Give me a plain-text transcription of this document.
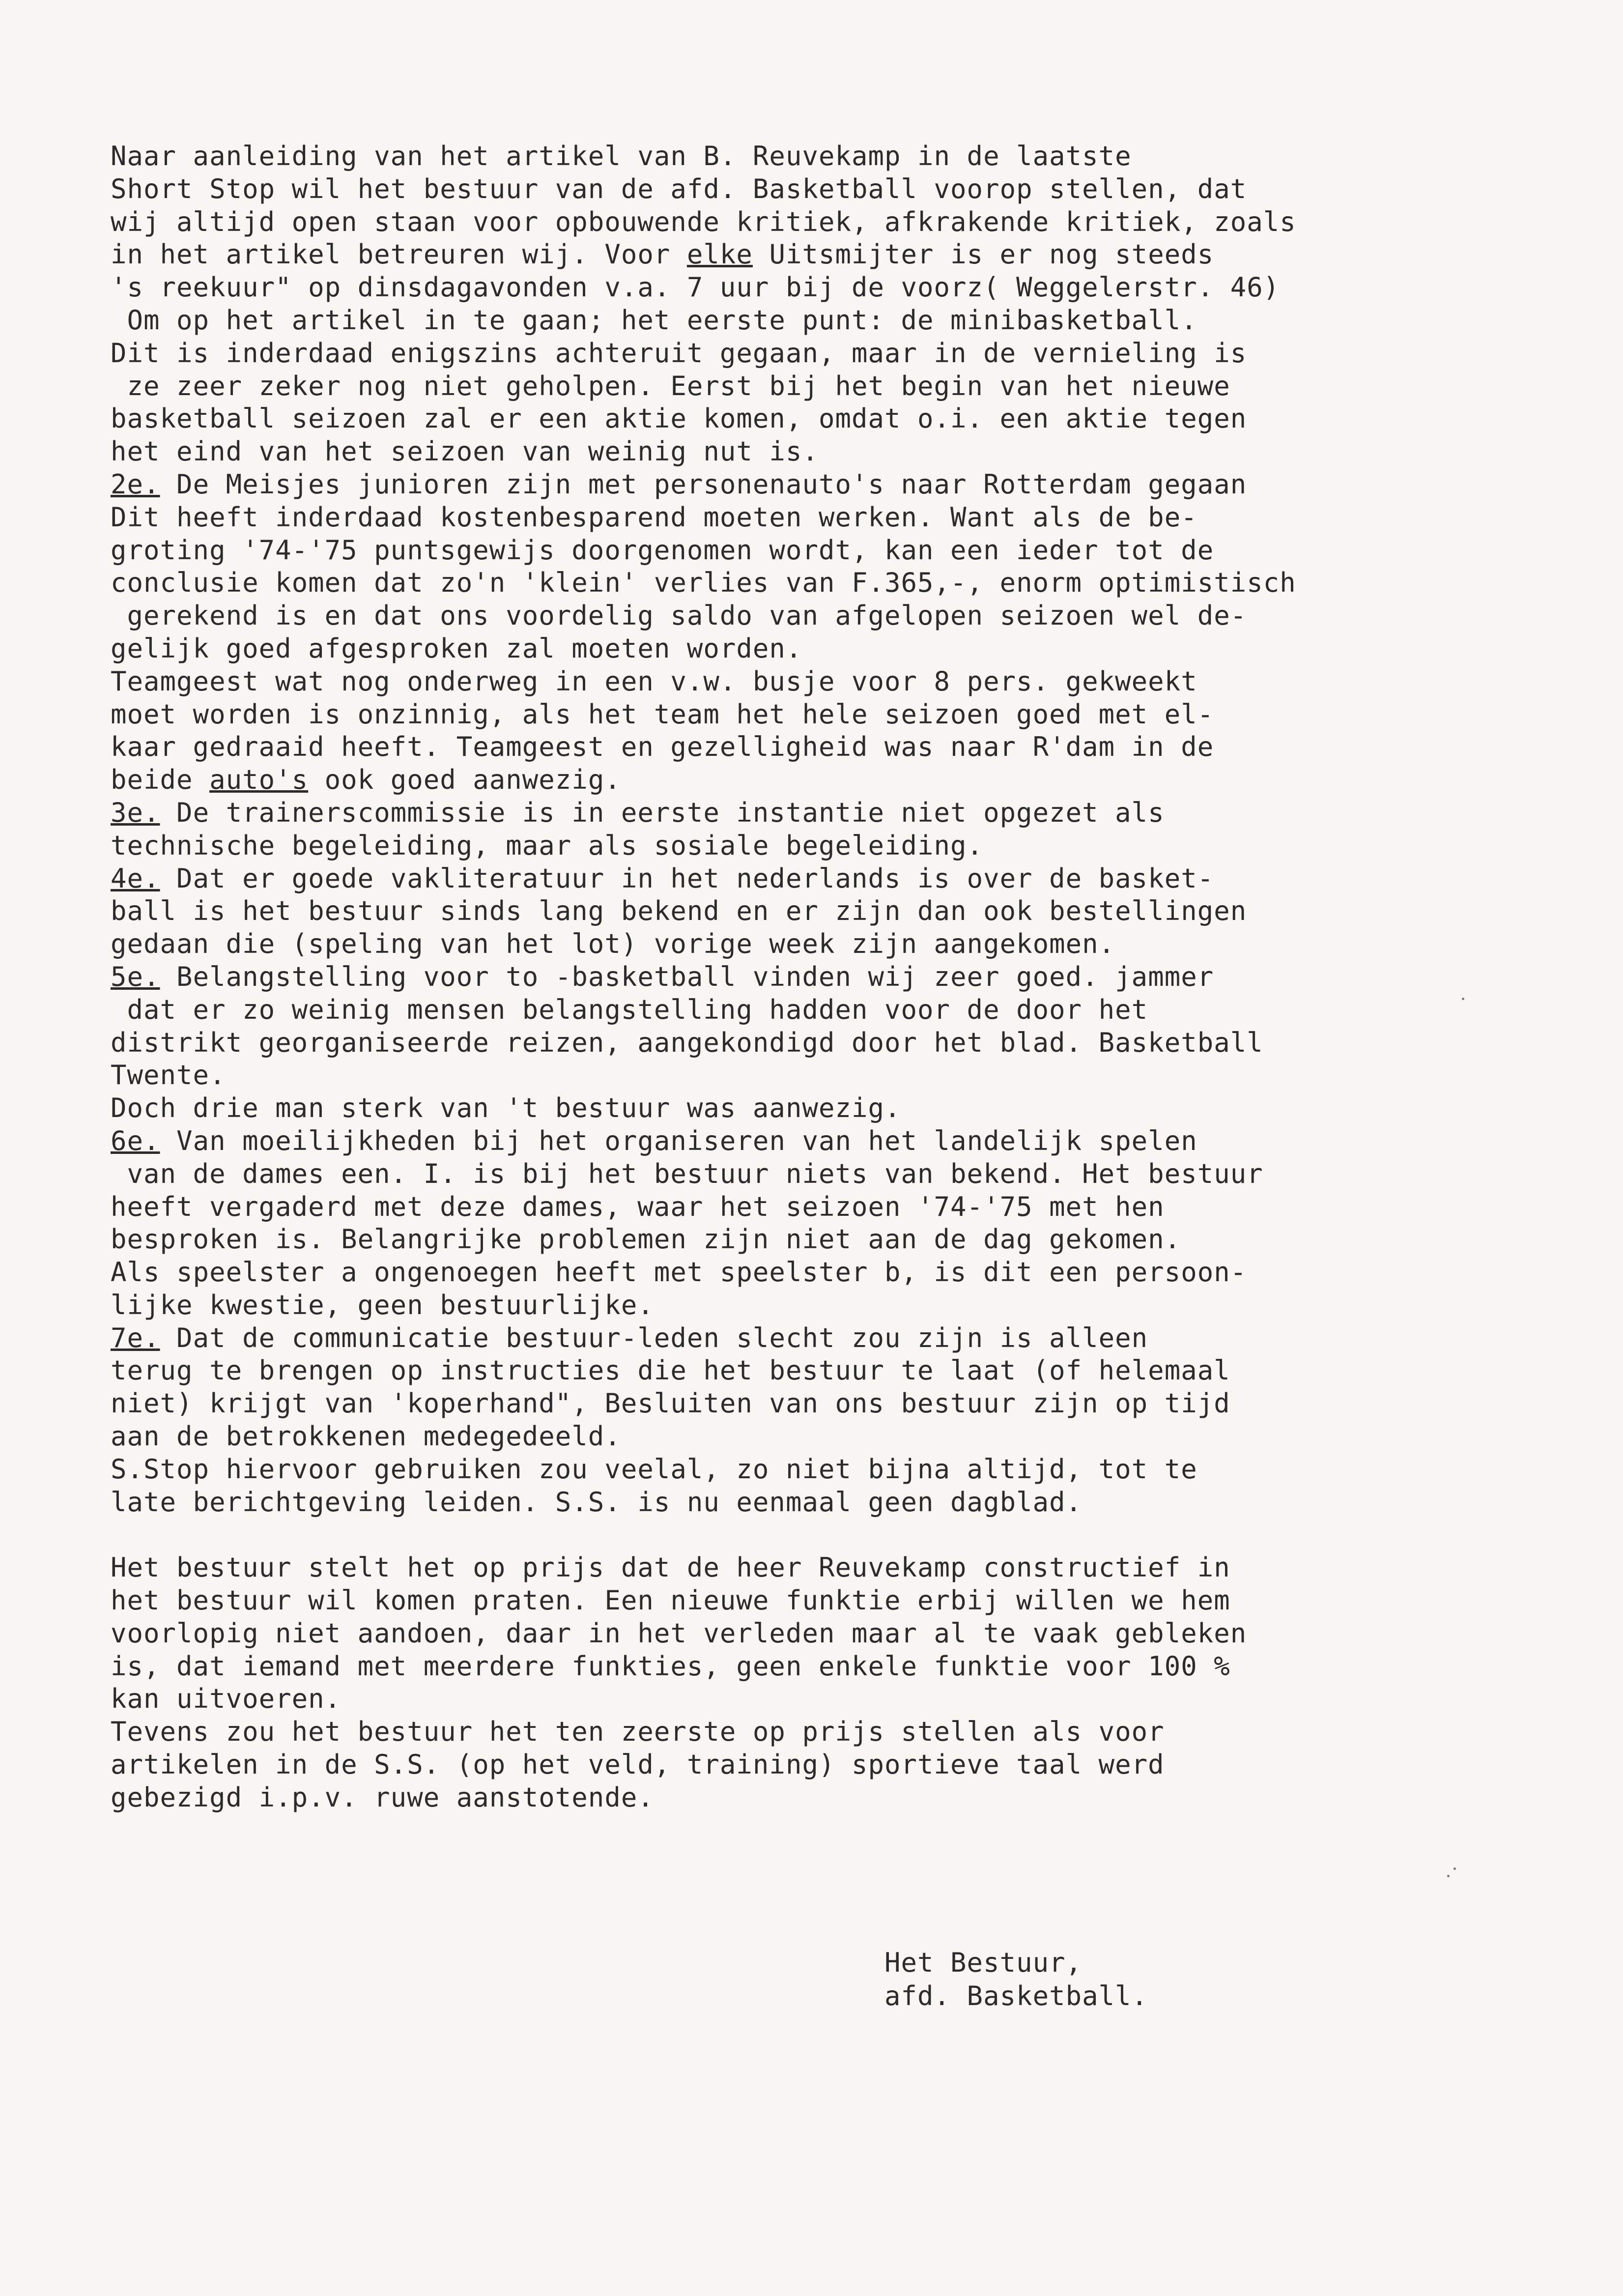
Naar aanleiding van het artikel van B. Reuvekamp in de laatste
Short Stop wil het bestuur van de afd. Basketball voorop stellen, dat
wij altijd open staan voor opbouwende kritiek, afkrakende kritiek, zoals
in het artikel betreuren wij. Voor elke Uitsmijter is er nog steeds
's reekuur" op dinsdagavonden v.a. 7 uur bij de voorz( Weggelerstr. 46)
Om op het artikel in te gaan; het eerste punt: de minibasketball.
Dit is inderdaad enigszins achteruit gegaan, maar in de vernieling is
ze zeer zeker nog niet geholpen. Eerst bij het begin van het nieuwe
basketball seizoen zal er een aktie komen, omdat o.i. een aktie tegen
het eind van het seizoen van weinig nut is.
2e. De Meisjes junioren zijn met personenauto's naar Rotterdam gegaan
Dit heeft inderdaad kostenbesparend moeten werken. Want als de be-
groting '74-'75 puntsgewijs doorgenomen wordt, kan een ieder tot de
conclusie komen dat zo'n 'klein' verlies van F.365,-, enorm optimistisch
gerekend is en dat ons voordelig saldo van afgelopen seizoen wel de-
gelijk goed afgesproken zal moeten worden.
Teamgeest wat nog onderweg in een v.w. busje voor 8 pers. gekweekt
moet worden is onzinnig, als het team het hele seizoen goed met el-
kaar gedraaid heeft. Teamgeest en gezelligheid was naar R'dam in de
beide auto's ook goed aanwezig.
3e. De trainerscommissie is in eerste instantie niet opgezet als
technische begeleiding, maar als sosiale begeleiding.
4e. Dat er goede vakliteratuur in het nederlands is over de basket-
ball is het bestuur sinds lang bekend en er zijn dan ook bestellingen
gedaan die (speling van het lot) vorige week zijn aangekomen.
5e. Belangstelling voor to -basketball vinden wij zeer goed. jammer
dat er zo weinig mensen belangstelling hadden voor de door het
distrikt georganiseerde reizen, aangekondigd door het blad. Basketball
Twente.
Doch drie man sterk van 't bestuur was aanwezig.
6e. Van moeilijkheden bij het organiseren van het landelijk spelen
van de dames een. I. is bij het bestuur niets van bekend. Het bestuur
heeft vergaderd met deze dames, waar het seizoen '74-'75 met hen
besproken is. Belangrijke problemen zijn niet aan de dag gekomen.
Als speelster a ongenoegen heeft met speelster b, is dit een persoon-
lijke kwestie, geen bestuurlijke.
7e. Dat de communicatie bestuur-leden slecht zou zijn is alleen
terug te brengen op instructies die het bestuur te laat (of helemaal
niet) krijgt van 'koperhand", Besluiten van ons bestuur zijn op tijd
aan de betrokkenen medegedeeld.
S.Stop hiervoor gebruiken zou veelal, zo niet bijna altijd, tot te
late berichtgeving leiden. S.S. is nu eenmaal geen dagblad.
Het bestuur stelt het op prijs dat de heer Reuvekamp constructief in
het bestuur wil komen praten. Een nieuwe funktie erbij willen we hem
voorlopig niet aandoen, daar in het verleden maar al te vaak gebleken
is, dat iemand met meerdere funkties, geen enkele funktie voor 100 %
kan uitvoeren.
Tevens zou het bestuur het ten zeerste op prijs stellen als voor
artikelen in de S.S. (op het veld, training) sportieve taal werd
gebezigd i.p.v. ruwe aanstotende.
Het Bestuur,
afd. Basketball.
